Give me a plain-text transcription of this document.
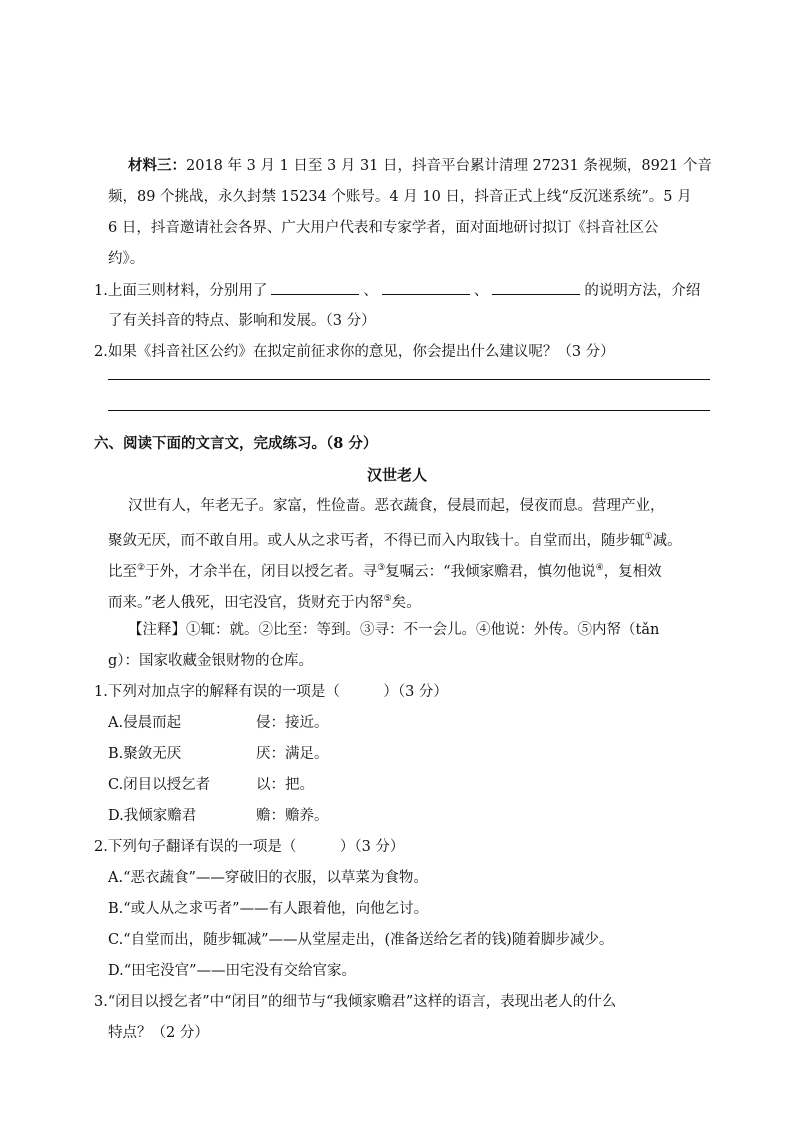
材料三：2018 年 3 月 1 日至 3 月 31 日，抖音平台累计清理 27231 条视频，8921 个音
频，89 个挑战，永久封禁 15234 个账号。4 月 10 日，抖音正式上线“反沉迷系统”。5 月
6 日，抖音邀请社会各界、广大用户代表和专家学者，面对面地研讨拟订《抖音社区公
约》。
1.上面三则材料，分别用了	、	、	的说明方法，介绍
了有关抖音的特点、影响和发展。（3 分）
2.如果《抖音社区公约》在拟定前征求你的意见，你会提出什么建议呢？（3 分）
六、阅读下面的文言文，完成练习。（8 分）
汉世老人
汉世有人，年老无子。家富，性俭啬。恶衣蔬食，侵晨而起，侵夜而息。营理产业，
聚敛无厌，而不敢自用。或人从之求丐者，不得已而入内取钱十。自堂而出，随步辄①减。
比至②于外，才余半在，闭目以授乞者。寻③复嘱云：“我倾家赡君，慎勿他说④，复相效
而来。”老人俄死，田宅没官，货财充于内帑⑤矣。
【注释】①辄：就。②比至：等到。③寻：不一会儿。④他说：外传。⑤内帑（tǎn
g）：国家收藏金银财物的仓库。
1.下列对加点字的解释有误的一项是（　　　）（3 分）
A.侵晨而起	侵：接近。
B.聚敛无厌	厌：满足。
C.闭目以授乞者	以：把。
D.我倾家赡君	赡：赡养。
2.下列句子翻译有误的一项是（　　　）（3 分）
A.“恶衣蔬食”——穿破旧的衣服，以草菜为食物。
B.“或人从之求丐者”——有人跟着他，向他乞讨。
C.“自堂而出，随步辄减”——从堂屋走出，(准备送给乞者的钱)随着脚步减少。
D.“田宅没官”——田宅没有交给官家。
3.“闭目以授乞者”中“闭目”的细节与“我倾家赡君”这样的语言，表现出老人的什么
特点？（2 分）
